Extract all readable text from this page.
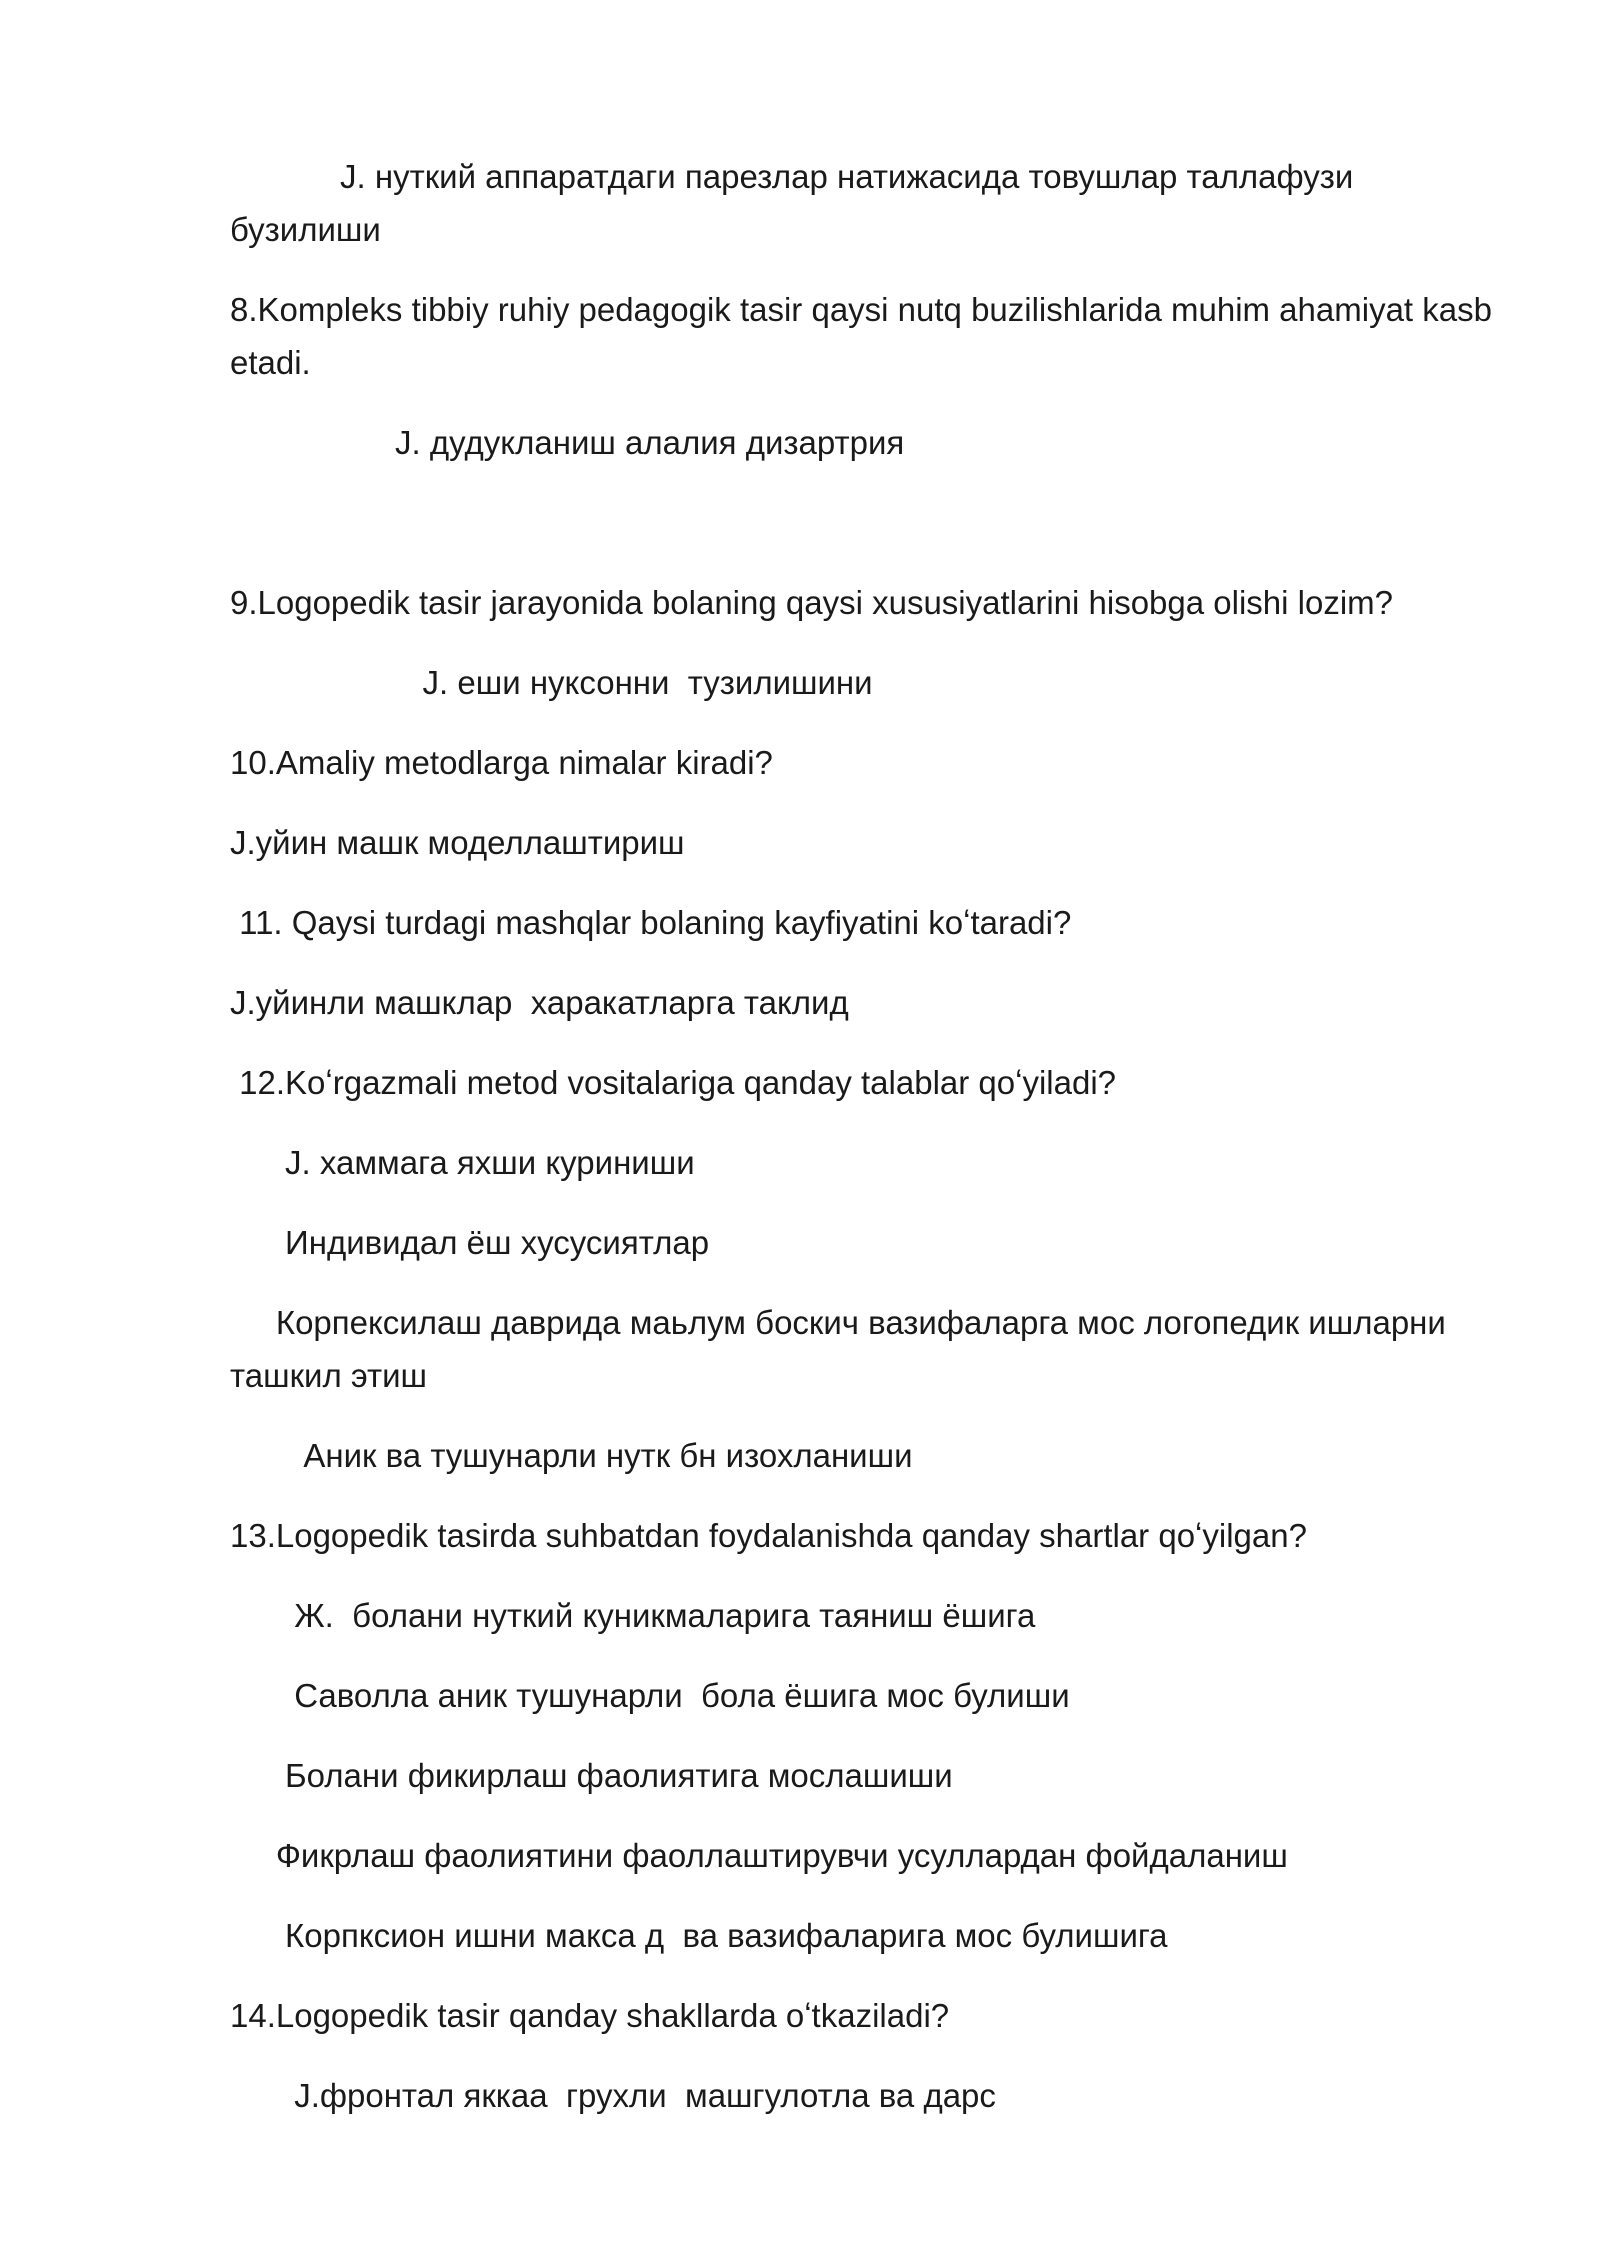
J. нуткий аппаратдаги парезлар натижасида товушлар таллафузи бузилиши

8.Kompleks tibbiy ruhiy pedagogik tasir qaysi nutq buzilishlarida muhim ahamiyat kasb etadi.

J. дудукланиш алалия дизартрия

9.Logopedik tasir jarayonida bolaning qaysi xususiyatlarini hisobga olishi lozim?

J. еши нуксонни  тузилишини

10.Amaliy metodlarga nimalar kiradi?

J.уйин машк моделлаштириш

11. Qaysi turdagi mashqlar bolaning kayfiyatini koʻtaradi?

J.уйинли машклар  харакатларга таклид

12.Koʻrgazmali metod vositalariga qanday talablar qoʻyiladi?

J. хаммага яхши куриниши

Индивидал ёш хусусиятлар

Корпексилаш даврида маьлум боскич вазифаларга мос логопедик ишларни ташкил этиш

Аник ва тушунарли нутк бн изохланиши

13.Logopedik tasirda suhbatdan foydalanishda qanday shartlar qoʻyilgan?

Ж.  болани нуткий куникмаларига таяниш ёшига

Саволла аник тушунарли  бола ёшига мос булиши

Болани фикирлаш фаолиятига мослашиши

Фикрлаш фаолиятини фаоллаштирувчи усуллардан фойдаланиш

Корпксион ишни макса д  ва вазифаларига мос булишига

14.Logopedik tasir qanday shakllarda oʻtkaziladi?

J.фронтал яккаа  грухли  машгулотла ва дарс
